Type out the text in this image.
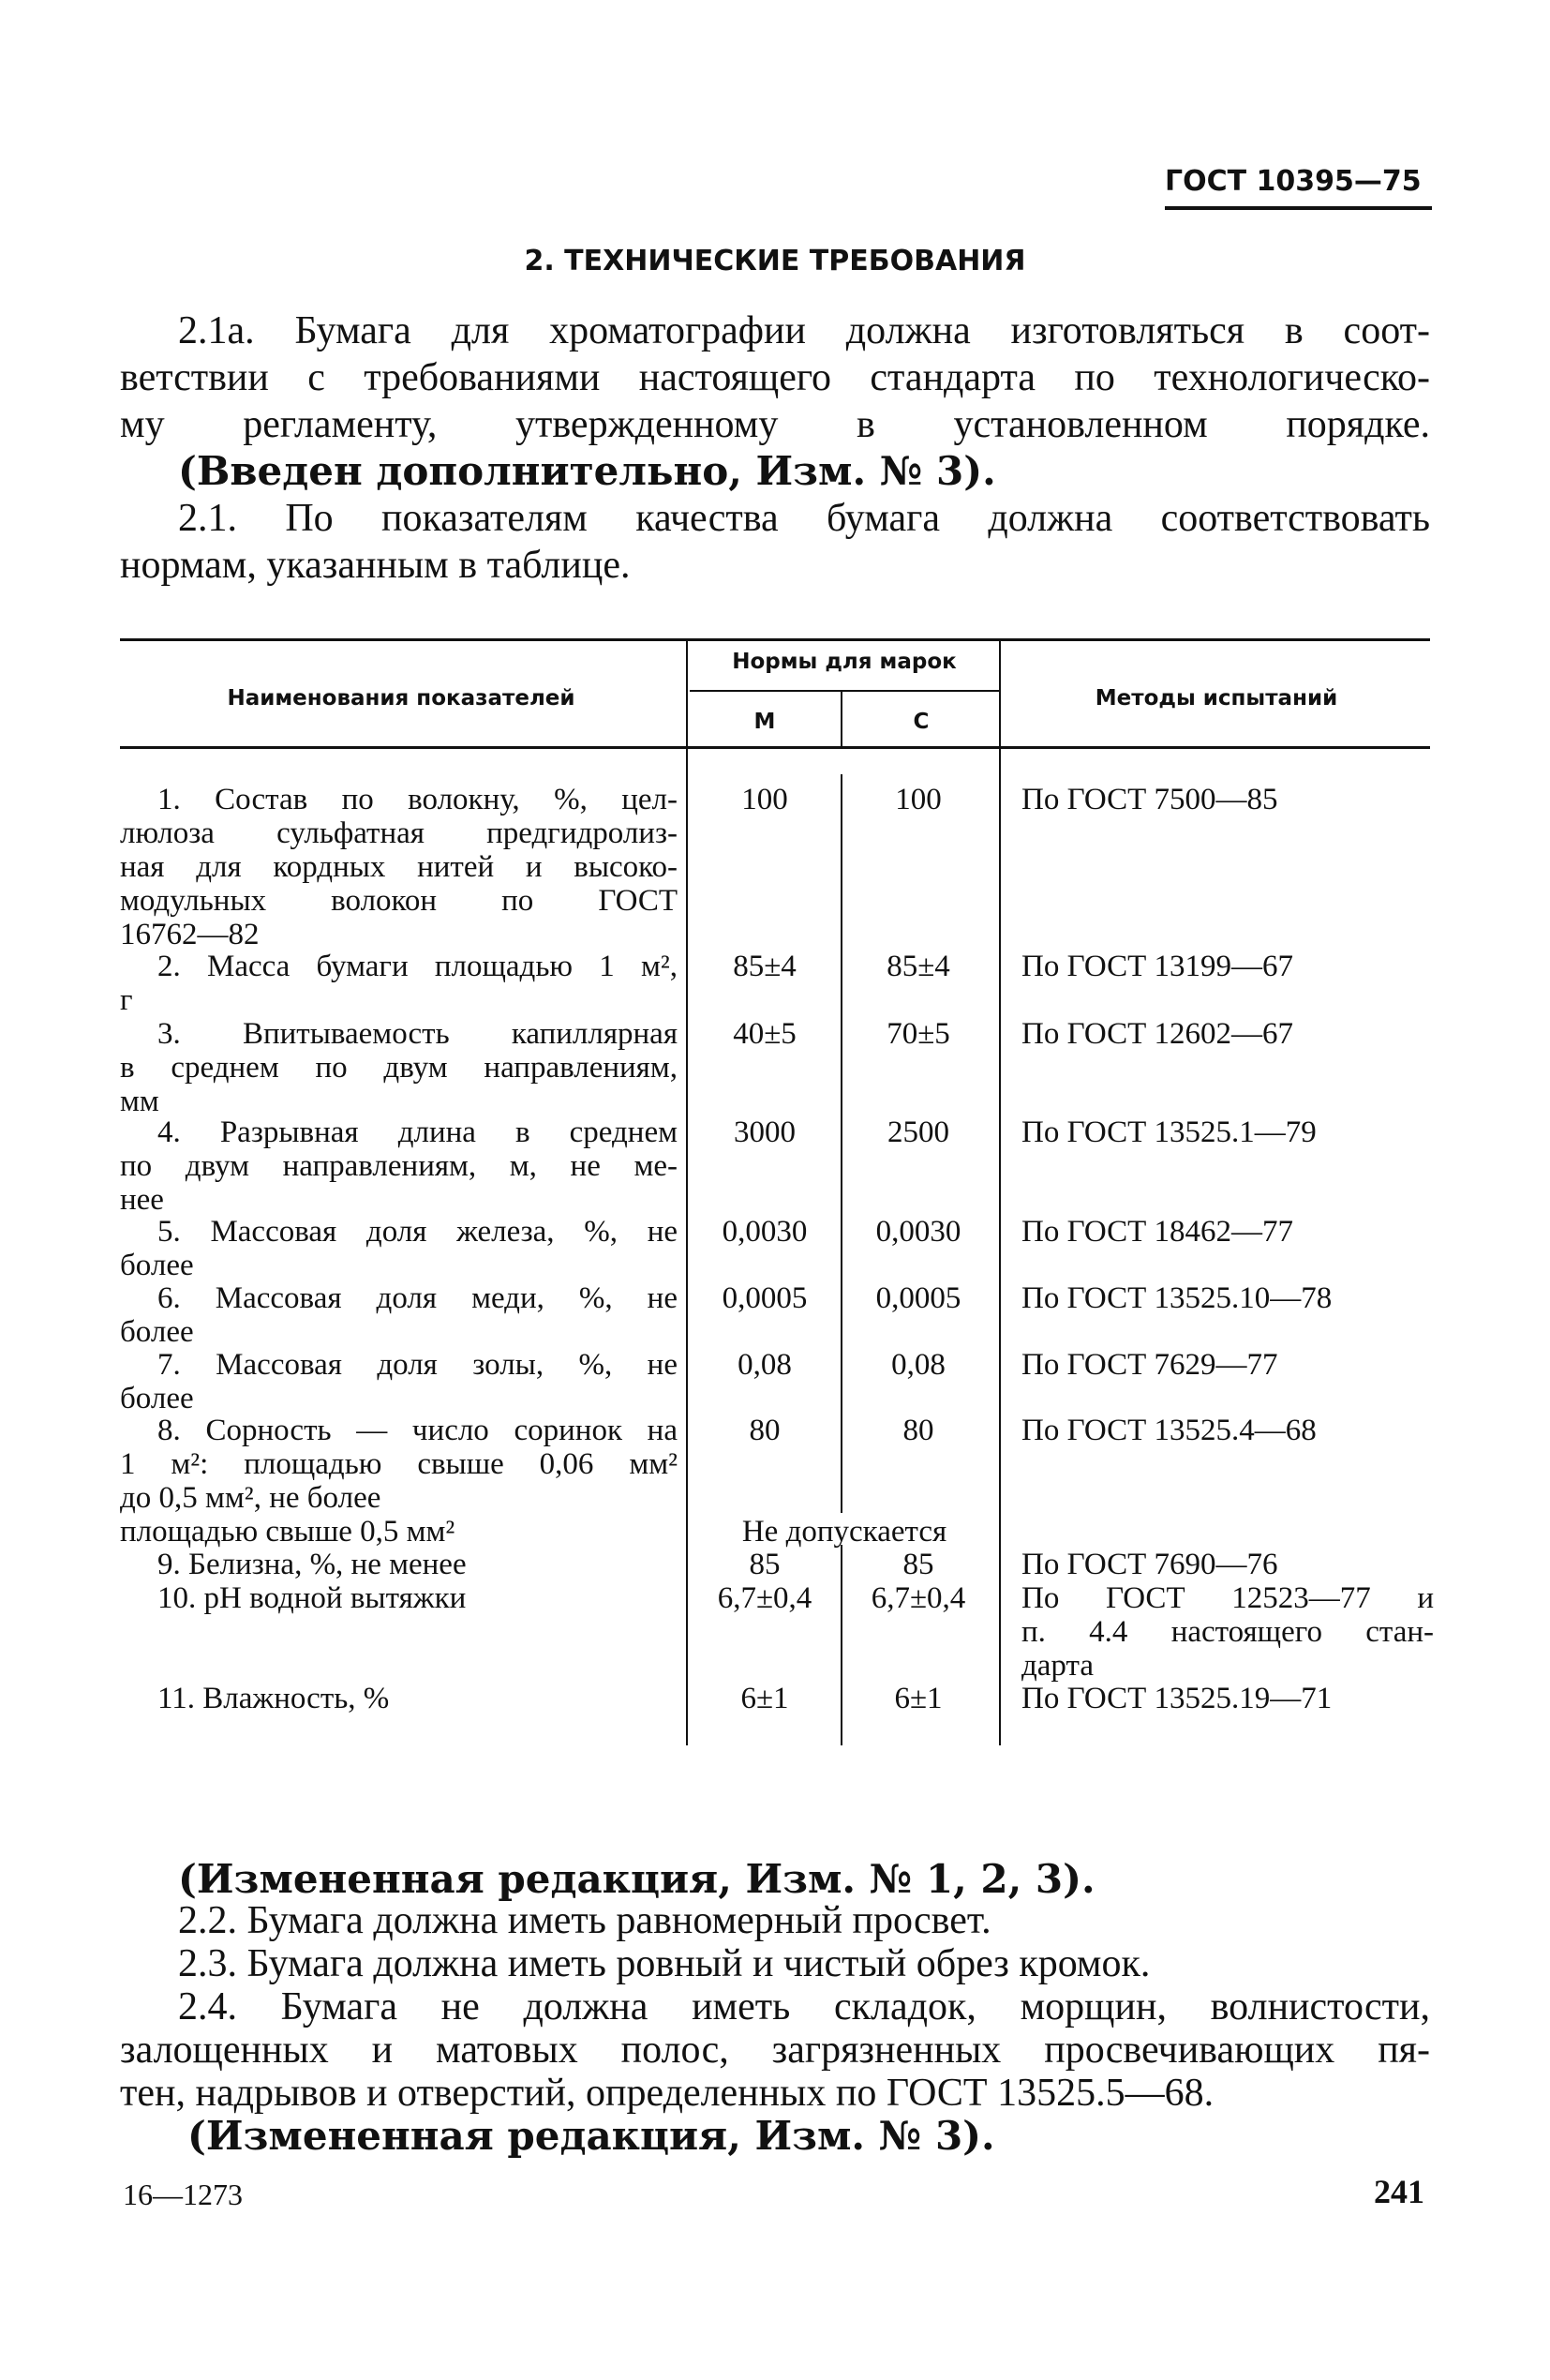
ГОСТ 10395—75
2. ТЕХНИЧЕСКИЕ ТРЕБОВАНИЯ
2.1а. Бумага для хроматографии должна изготовляться в соот-
ветствии с требованиями настоящего стандарта по технологическо-
му регламенту, утвержденному в установленном порядке.
(Введен дополнительно, Изм. № 3).
2.1. По показателям качества бумага должна соответствовать
нормам, указанным в таблице.
Наименования показателей
Нормы для марок
М	С
Методы испытаний
1. Состав по волокну, %, цел-
люлоза сульфатная предгидролиз-
ная для кордных нитей и высоко-
модульных волокон по ГОСТ
16762—82
100	100	По ГОСТ 7500—85
2. Масса бумаги площадью 1 м²,
г
85±4	85±4	По ГОСТ 13199—67
3. Впитываемость капиллярная
в среднем по двум направлениям,
мм
40±5	70±5	По ГОСТ 12602—67
4. Разрывная длина в среднем
по двум направлениям, м, не ме-
нее
3000	2500	По ГОСТ 13525.1—79
5. Массовая доля железа, %, не
более
0,0030	0,0030	По ГОСТ 18462—77
6. Массовая доля меди, %, не
более
0,0005	0,0005	По ГОСТ 13525.10—78
7. Массовая доля золы, %, не
более
0,08	0,08	По ГОСТ 7629—77
8. Сорность — число соринок на
1 м²: площадью свыше 0,06 мм²
до 0,5 мм², не более
80	80	По ГОСТ 13525.4—68
площадью свыше 0,5 мм²	Не допускается
9. Белизна, %, не менее	85	85	По ГОСТ 7690—76
10. рН водной вытяжки	6,7±0,4	6,7±0,4	По ГОСТ 12523—77 и
п. 4.4 настоящего стан-
дарта
11. Влажность, %	6±1	6±1	По ГОСТ 13525.19—71
(Измененная редакция, Изм. № 1, 2, 3).
2.2. Бумага должна иметь равномерный просвет.
2.3. Бумага должна иметь ровный и чистый обрез кромок.
2.4. Бумага не должна иметь складок, морщин, волнистости,
залощенных и матовых полос, загрязненных просвечивающих пя-
тен, надрывов и отверстий, определенных по ГОСТ 13525.5—68.
(Измененная редакция, Изм. № 3).
16—1273	241
